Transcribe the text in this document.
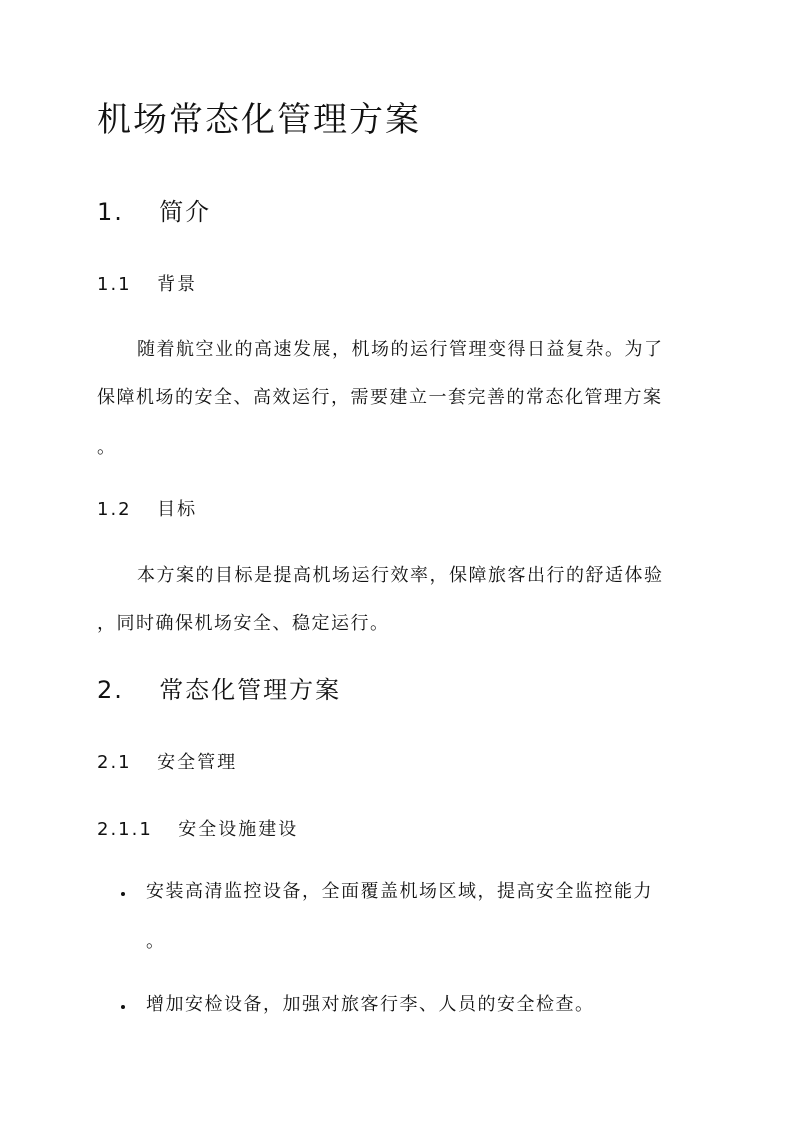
机场常态化管理方案
1. 简介
1.1 背景
随着航空业的高速发展，机场的运行管理变得日益复杂。为了
保障机场的安全、高效运行，需要建立一套完善的常态化管理方案
。
1.2 目标
本方案的目标是提高机场运行效率，保障旅客出行的舒适体验
，同时确保机场安全、稳定运行。
2. 常态化管理方案
2.1 安全管理
2.1.1 安全设施建设
安装高清监控设备，全面覆盖机场区域，提高安全监控能力
。
增加安检设备，加强对旅客行李、人员的安全检查。
